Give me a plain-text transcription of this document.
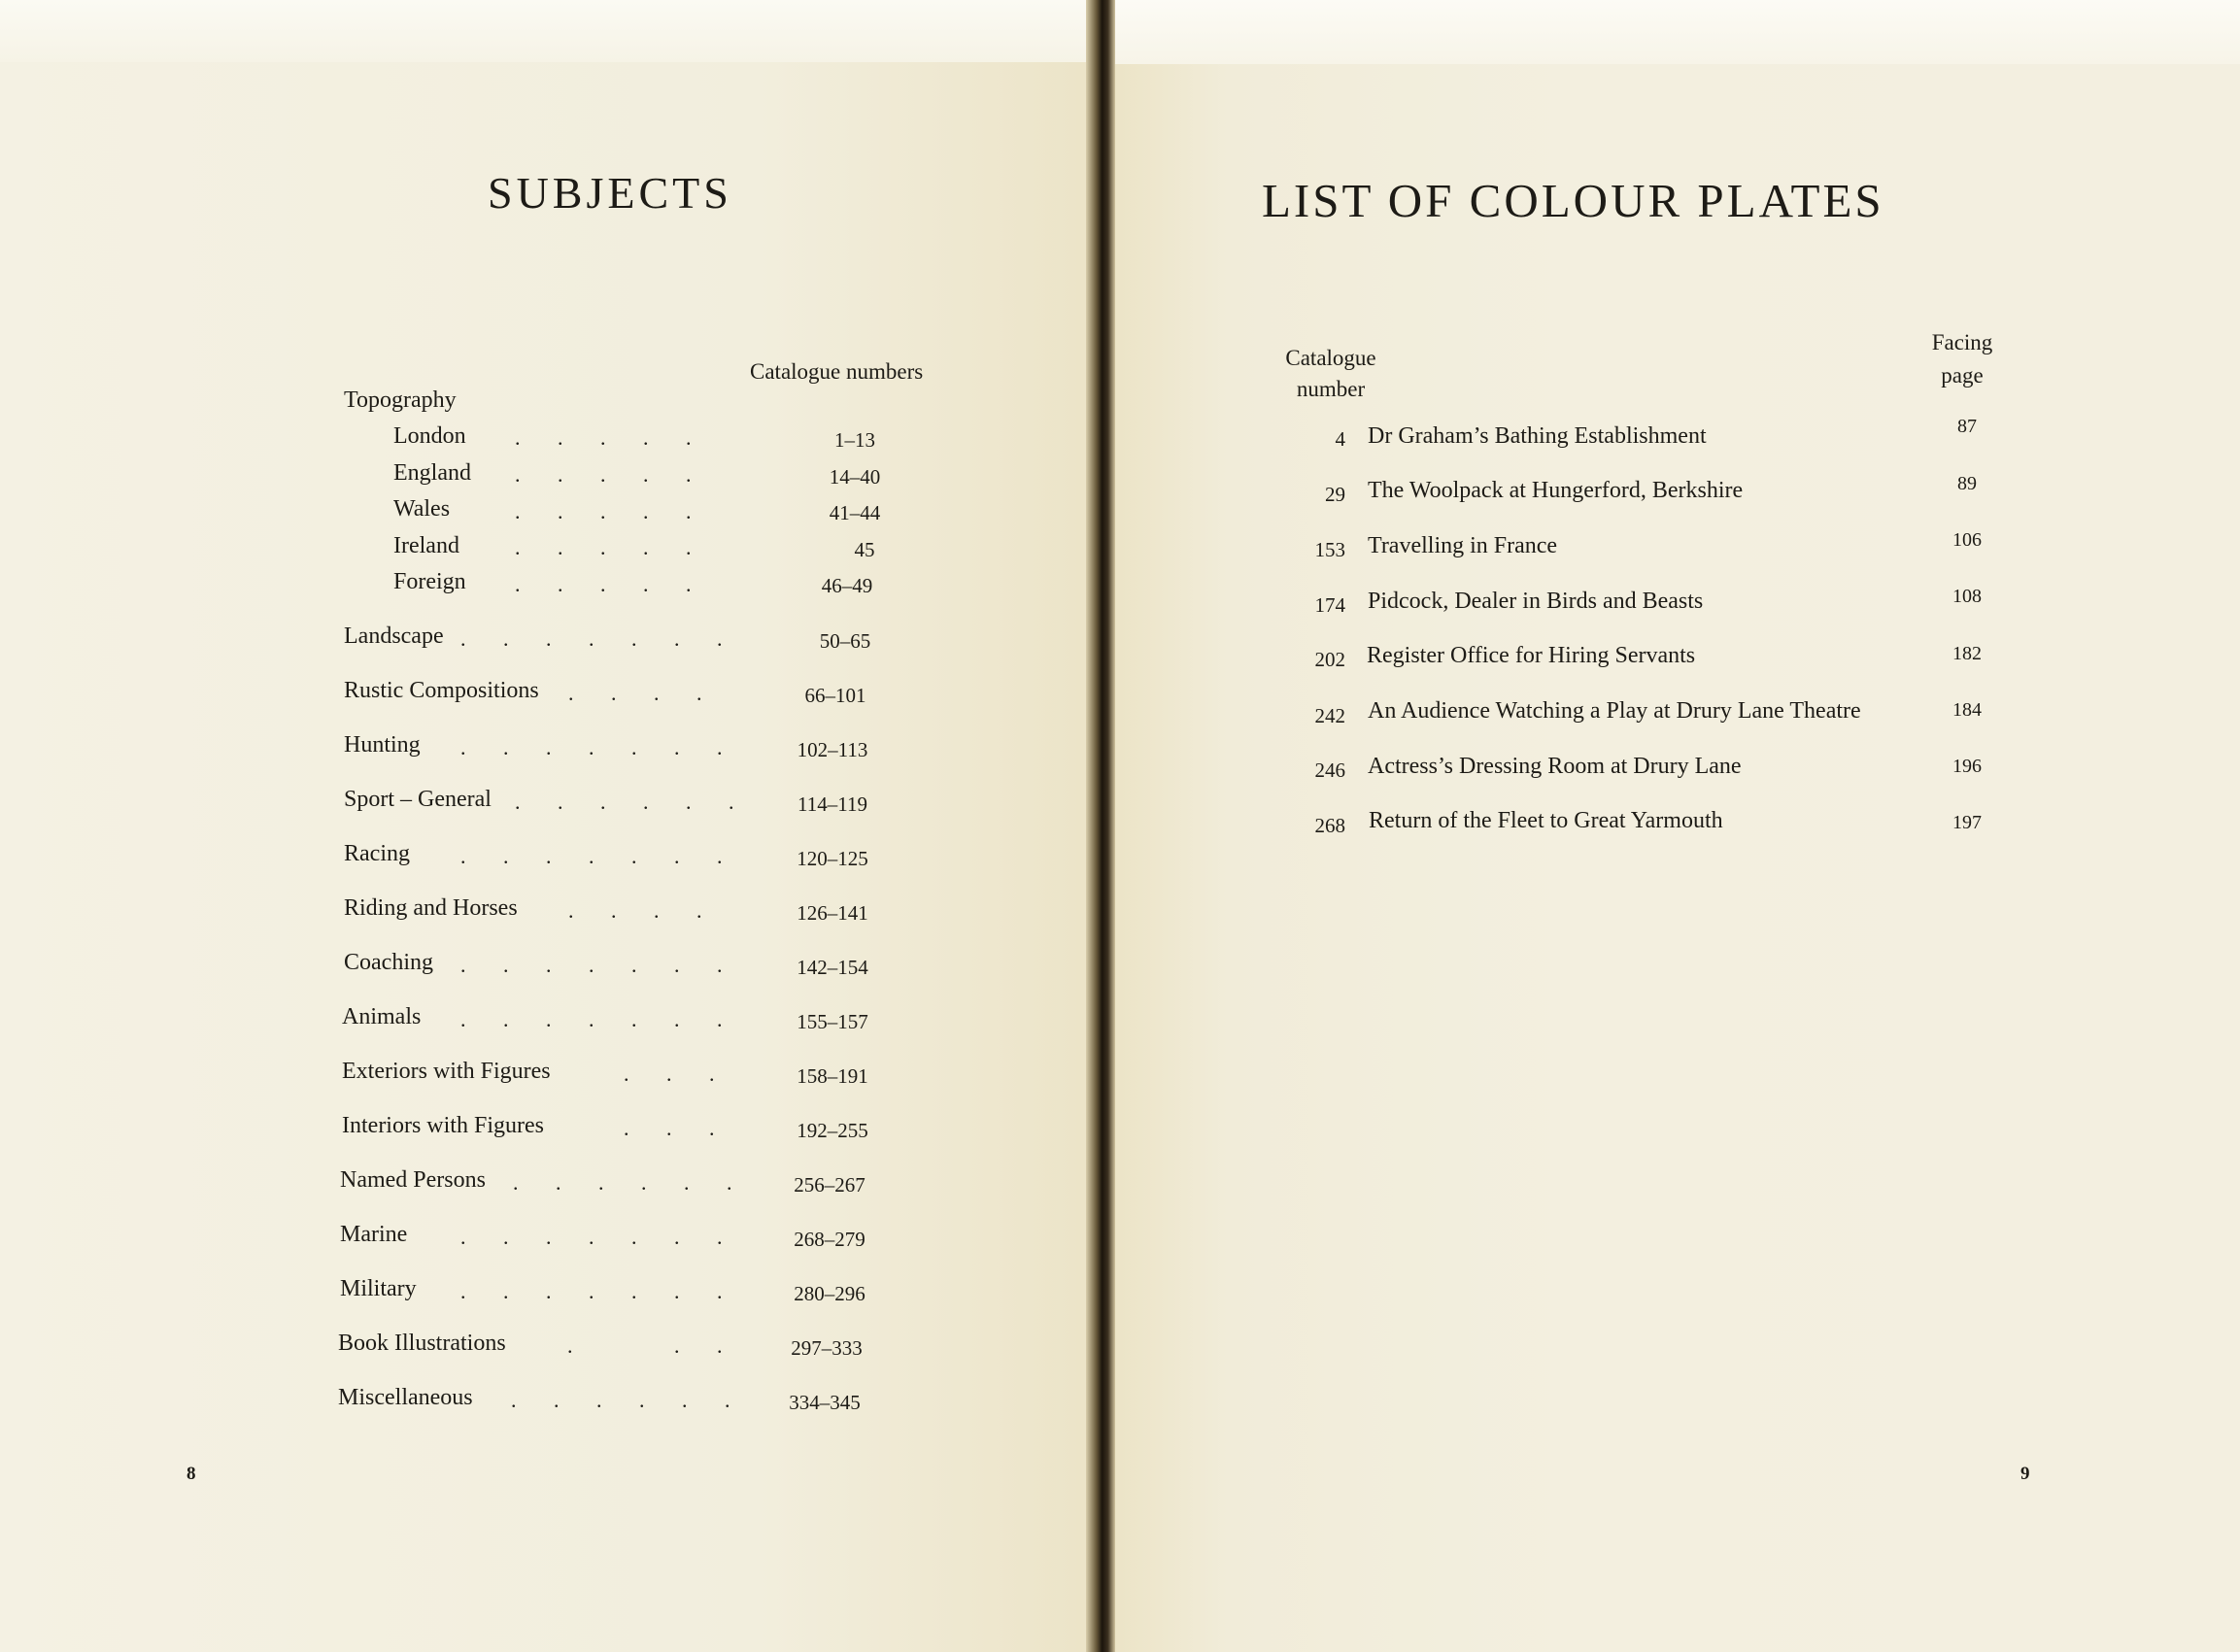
SUBJECTS
Catalogue numbers
Topography
London .       .       .       .       .	1–13
England .       .       .       .       .	14–40
Wales	.       .       .       .       .	41–44
Ireland	.       .       .       .       .	45
Foreign .       .       .       .       .	46–49
Landscape .       .       .       .       .       .       .	50–65
Rustic Compositions .       .       .       .	66–101
Hunting .       .       .       .       .       .       .	102–113
Sport – General .       .       .       .       .       .	114–119
Racing .       .       .       .       .       .       .	120–125
Riding and Horses .       .       .       .	126–141
Coaching .       .       .       .       .       .       .	142–154
Animals .       .       .       .       .       .       .	155–157
Exteriors with Figures	.       .       .	158–191
Interiors with Figures	.       .       .	192–255
Named Persons .       .       .       .       .       .	256–267
Marine .       .       .       .       .       .       .	268–279
Military .       .       .       .       .       .       .	280–296
Book Illustrations	.                   .       .	297–333
Miscellaneous .       .       .       .       .       .	334–345
8
LIST OF COLOUR PLATES
Catalogue
number
Facing
page
4 Dr Graham’s Bathing Establishment	87
29 The Woolpack at Hungerford, Berkshire	89
153 Travelling in France	106
174 Pidcock, Dealer in Birds and Beasts	108
202 Register Office for Hiring Servants	182
242 An Audience Watching a Play at Drury Lane Theatre	184
246 Actress’s Dressing Room at Drury Lane	196
268 Return of the Fleet to Great Yarmouth	197
9
